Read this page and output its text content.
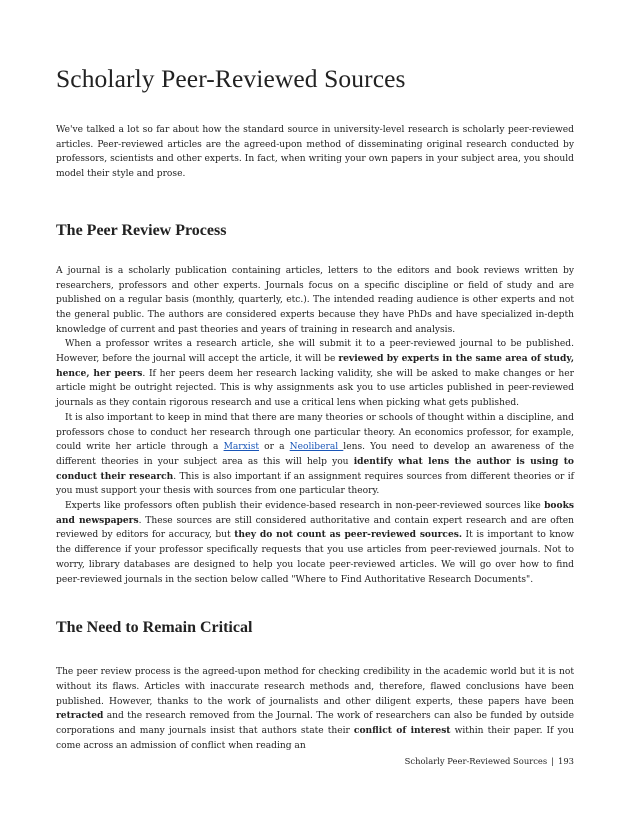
Scholarly Peer-Reviewed Sources

We've talked a lot so far about how the standard source in university-level research is scholarly peer-reviewed articles. Peer-reviewed articles are the agreed-upon method of disseminating original research conducted by professors, scientists and other experts. In fact, when writing your own papers in your subject area, you should model their style and prose.

The Peer Review Process

A journal is a scholarly publication containing articles, letters to the editors and book reviews written by researchers, professors and other experts. Journals focus on a specific discipline or field of study and are published on a regular basis (monthly, quarterly, etc.). The intended reading audience is other experts and not the general public. The authors are considered experts because they have PhDs and have specialized in-depth knowledge of current and past theories and years of training in research and analysis.

When a professor writes a research article, she will submit it to a peer-reviewed journal to be published. However, before the journal will accept the article, it will be reviewed by experts in the same area of study, hence, her peers. If her peers deem her research lacking validity, she will be asked to make changes or her article might be outright rejected. This is why assignments ask you to use articles published in peer-reviewed journals as they contain rigorous research and use a critical lens when picking what gets published.

It is also important to keep in mind that there are many theories or schools of thought within a discipline, and professors chose to conduct her research through one particular theory. An economics professor, for example, could write her article through a Marxist or a Neoliberal lens. You need to develop an awareness of the different theories in your subject area as this will help you identify what lens the author is using to conduct their research. This is also important if an assignment requires sources from different theories or if you must support your thesis with sources from one particular theory.

Experts like professors often publish their evidence-based research in non-peer-reviewed sources like books and newspapers. These sources are still considered authoritative and contain expert research and are often reviewed by editors for accuracy, but they do not count as peer-reviewed sources. It is important to know the difference if your professor specifically requests that you use articles from peer-reviewed journals. Not to worry, library databases are designed to help you locate peer-reviewed articles. We will go over how to find peer-reviewed journals in the section below called "Where to Find Authoritative Research Documents".

The Need to Remain Critical

The peer review process is the agreed-upon method for checking credibility in the academic world but it is not without its flaws. Articles with inaccurate research methods and, therefore, flawed conclusions have been published. However, thanks to the work of journalists and other diligent experts, these papers have been retracted and the research removed from the Journal. The work of researchers can also be funded by outside corporations and many journals insist that authors state their conflict of interest within their paper. If you come across an admission of conflict when reading an

Scholarly Peer-Reviewed Sources | 193
